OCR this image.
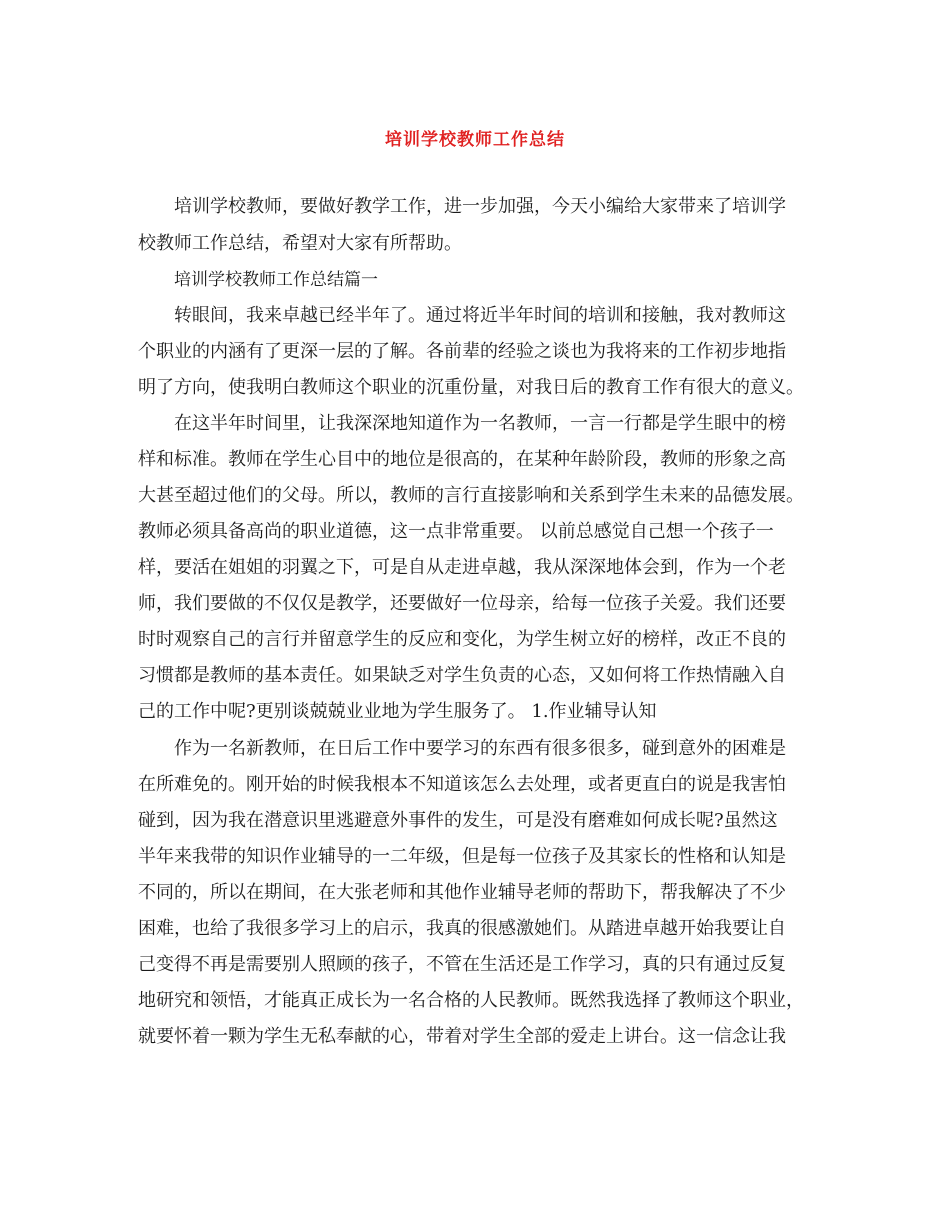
培训学校教师工作总结
培训学校教师，要做好教学工作，进一步加强，今天小编给大家带来了培训学
校教师工作总结，希望对大家有所帮助。
培训学校教师工作总结篇一
转眼间，我来卓越已经半年了。通过将近半年时间的培训和接触，我对教师这
个职业的内涵有了更深一层的了解。各前辈的经验之谈也为我将来的工作初步地指
明了方向，使我明白教师这个职业的沉重份量，对我日后的教育工作有很大的意义。
在这半年时间里，让我深深地知道作为一名教师，一言一行都是学生眼中的榜
样和标准。教师在学生心目中的地位是很高的，在某种年龄阶段，教师的形象之高
大甚至超过他们的父母。所以，教师的言行直接影响和关系到学生未来的品德发展。
教师必须具备高尚的职业道德，这一点非常重要。 以前总感觉自己想一个孩子一
样，要活在姐姐的羽翼之下，可是自从走进卓越，我从深深地体会到，作为一个老
师，我们要做的不仅仅是教学，还要做好一位母亲，给每一位孩子关爱。我们还要
时时观察自己的言行并留意学生的反应和变化，为学生树立好的榜样，改正不良的
习惯都是教师的基本责任。如果缺乏对学生负责的心态，又如何将工作热情融入自
己的工作中呢?更别谈兢兢业业地为学生服务了。 1.作业辅导认知
作为一名新教师，在日后工作中要学习的东西有很多很多，碰到意外的困难是
在所难免的。刚开始的时候我根本不知道该怎么去处理，或者更直白的说是我害怕
碰到，因为我在潜意识里逃避意外事件的发生，可是没有磨难如何成长呢?虽然这
半年来我带的知识作业辅导的一二年级，但是每一位孩子及其家长的性格和认知是
不同的，所以在期间，在大张老师和其他作业辅导老师的帮助下，帮我解决了不少
困难，也给了我很多学习上的启示，我真的很感激她们。从踏进卓越开始我要让自
己变得不再是需要别人照顾的孩子，不管在生活还是工作学习，真的只有通过反复
地研究和领悟，才能真正成长为一名合格的人民教师。既然我选择了教师这个职业，
就要怀着一颗为学生无私奉献的心，带着对学生全部的爱走上讲台。这一信念让我
